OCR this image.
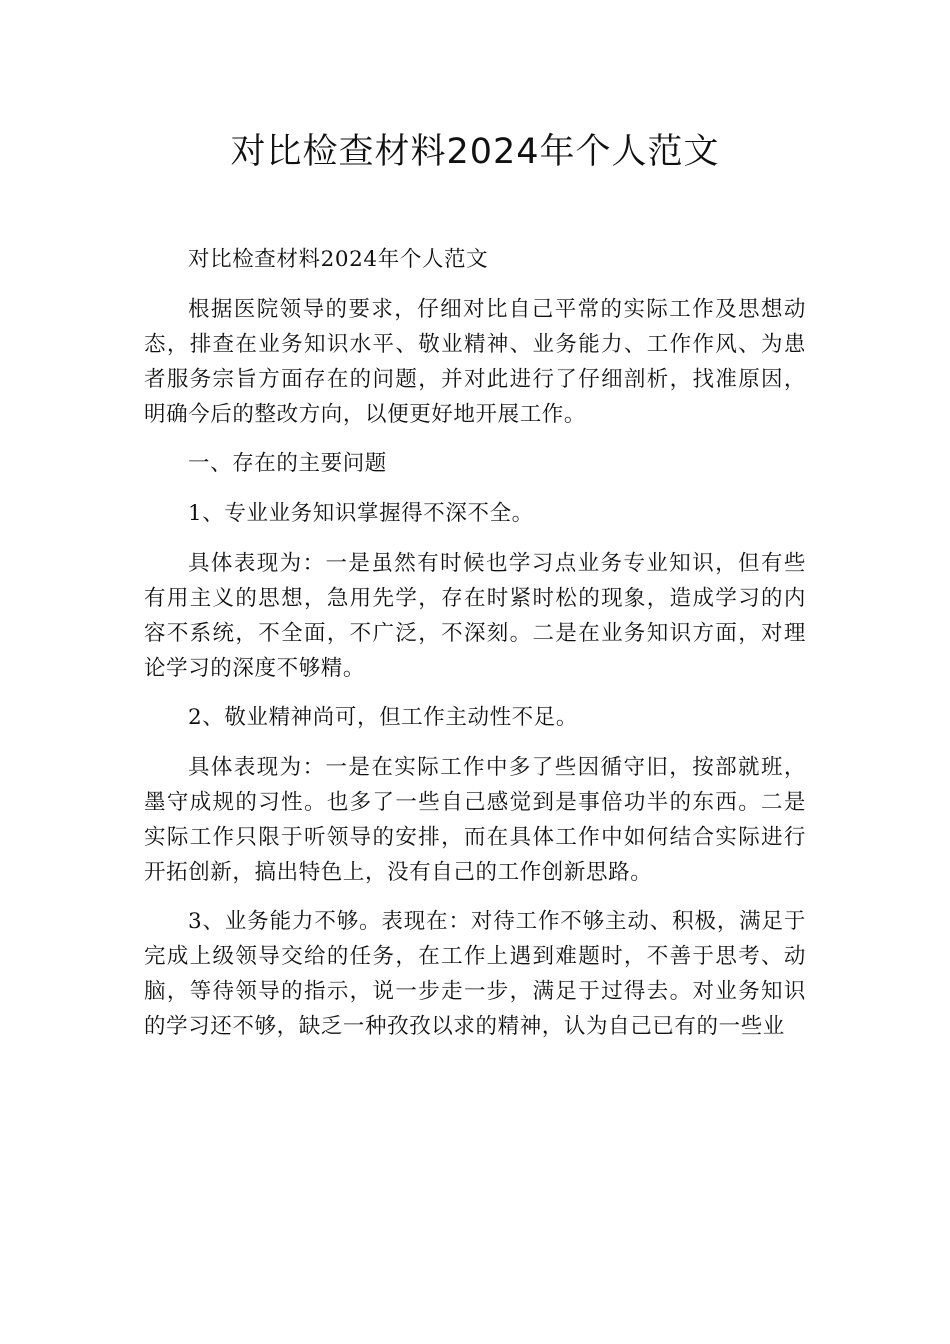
对比检查材料2024年个人范文

对比检查材料2024年个人范文

根据医院领导的要求，仔细对比自己平常的实际工作及思想动态，排查在业务知识水平、敬业精神、业务能力、工作作风、为患者服务宗旨方面存在的问题，并对此进行了仔细剖析，找准原因，明确今后的整改方向，以便更好地开展工作。

一、存在的主要问题

1、专业业务知识掌握得不深不全。

具体表现为：一是虽然有时候也学习点业务专业知识，但有些有用主义的思想，急用先学，存在时紧时松的现象，造成学习的内容不系统，不全面，不广泛，不深刻。二是在业务知识方面，对理论学习的深度不够精。

2、敬业精神尚可，但工作主动性不足。

具体表现为：一是在实际工作中多了些因循守旧，按部就班，墨守成规的习性。也多了一些自己感觉到是事倍功半的东西。二是实际工作只限于听领导的安排，而在具体工作中如何结合实际进行开拓创新，搞出特色上，没有自己的工作创新思路。

3、业务能力不够。表现在：对待工作不够主动、积极，满足于完成上级领导交给的任务，在工作上遇到难题时，不善于思考、动脑，等待领导的指示，说一步走一步，满足于过得去。对业务知识的学习还不够，缺乏一种孜孜以求的精神，认为自己已有的一些业
